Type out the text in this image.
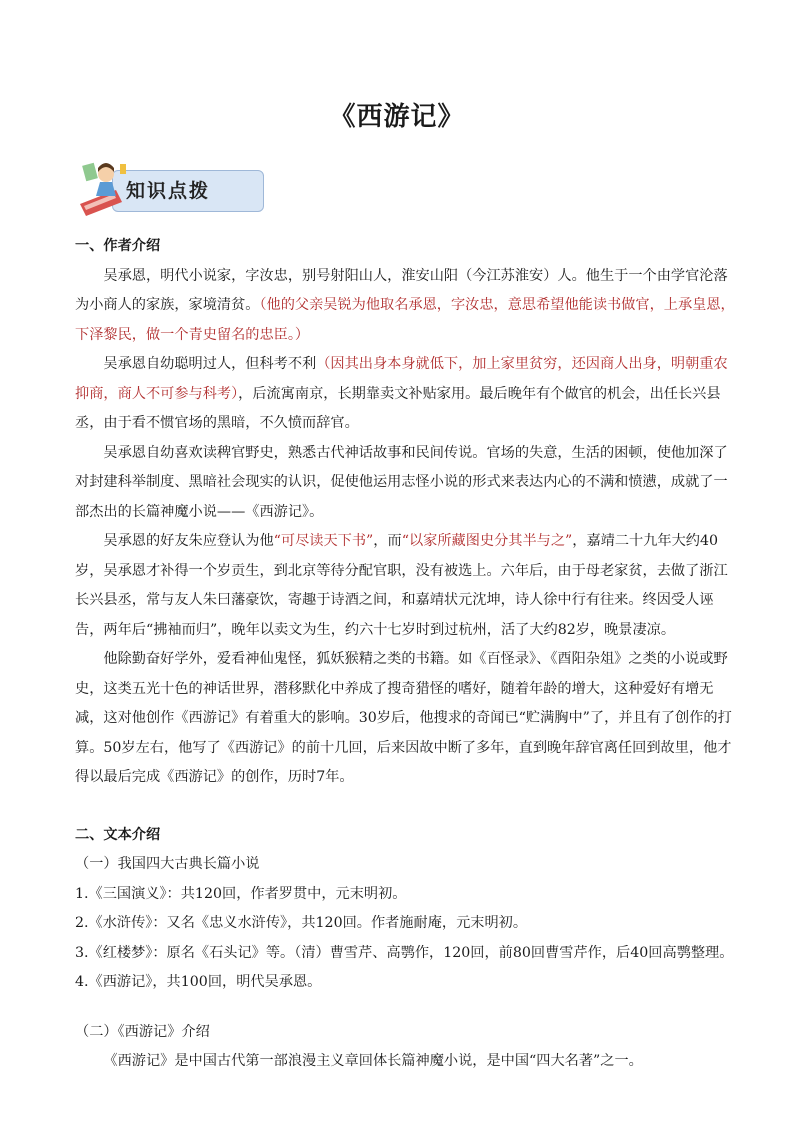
《西游记》
知识点拨
一、作者介绍

吴承恩，明代小说家，字汝忠，别号射阳山人，淮安山阳（今江苏淮安）人。他生于一个由学官沦落为小商人的家族，家境清贫。（他的父亲吴锐为他取名承恩，字汝忠，意思希望他能读书做官，上承皇恩，下泽黎民，做一个青史留名的忠臣。）

吴承恩自幼聪明过人，但科考不利（因其出身本身就低下，加上家里贫穷，还因商人出身，明朝重农抑商，商人不可参与科考），后流寓南京，长期靠卖文补贴家用。最后晚年有个做官的机会，出任长兴县丞，由于看不惯官场的黑暗，不久愤而辞官。

吴承恩自幼喜欢读稗官野史，熟悉古代神话故事和民间传说。官场的失意，生活的困顿，使他加深了对封建科举制度、黑暗社会现实的认识，促使他运用志怪小说的形式来表达内心的不满和愤懑，成就了一部杰出的长篇神魔小说——《西游记》。

吴承恩的好友朱应登认为他“可尽读天下书”，而“以家所藏图史分其半与之”，嘉靖二十九年大约40岁，吴承恩才补得一个岁贡生，到北京等待分配官职，没有被选上。六年后，由于母老家贫，去做了浙江长兴县丞，常与友人朱曰藩豪饮，寄趣于诗酒之间，和嘉靖状元沈坤，诗人徐中行有往来。终因受人诬告，两年后“拂袖而归”，晚年以卖文为生，约六十七岁时到过杭州，活了大约82岁，晚景凄凉。

他除勤奋好学外，爱看神仙鬼怪，狐妖猴精之类的书籍。如《百怪录》、《酉阳杂俎》之类的小说或野史，这类五光十色的神话世界，潜移默化中养成了搜奇猎怪的嗜好，随着年龄的增大，这种爱好有增无减，这对他创作《西游记》有着重大的影响。30岁后，他搜求的奇闻已“贮满胸中”了，并且有了创作的打算。50岁左右，他写了《西游记》的前十几回，后来因故中断了多年，直到晚年辞官离任回到故里，他才得以最后完成《西游记》的创作，历时7年。

二、文本介绍

（一）我国四大古典长篇小说

1.《三国演义》：共120回，作者罗贯中，元末明初。

2.《水浒传》：又名《忠义水浒传》，共120回。作者施耐庵，元末明初。

3.《红楼梦》：原名《石头记》等。（清）曹雪芹、高鹗作，120回，前80回曹雪芹作，后40回高鹗整理。

4.《西游记》，共100回，明代吴承恩。

（二）《西游记》介绍

《西游记》是中国古代第一部浪漫主义章回体长篇神魔小说，是中国“四大名著”之一。
